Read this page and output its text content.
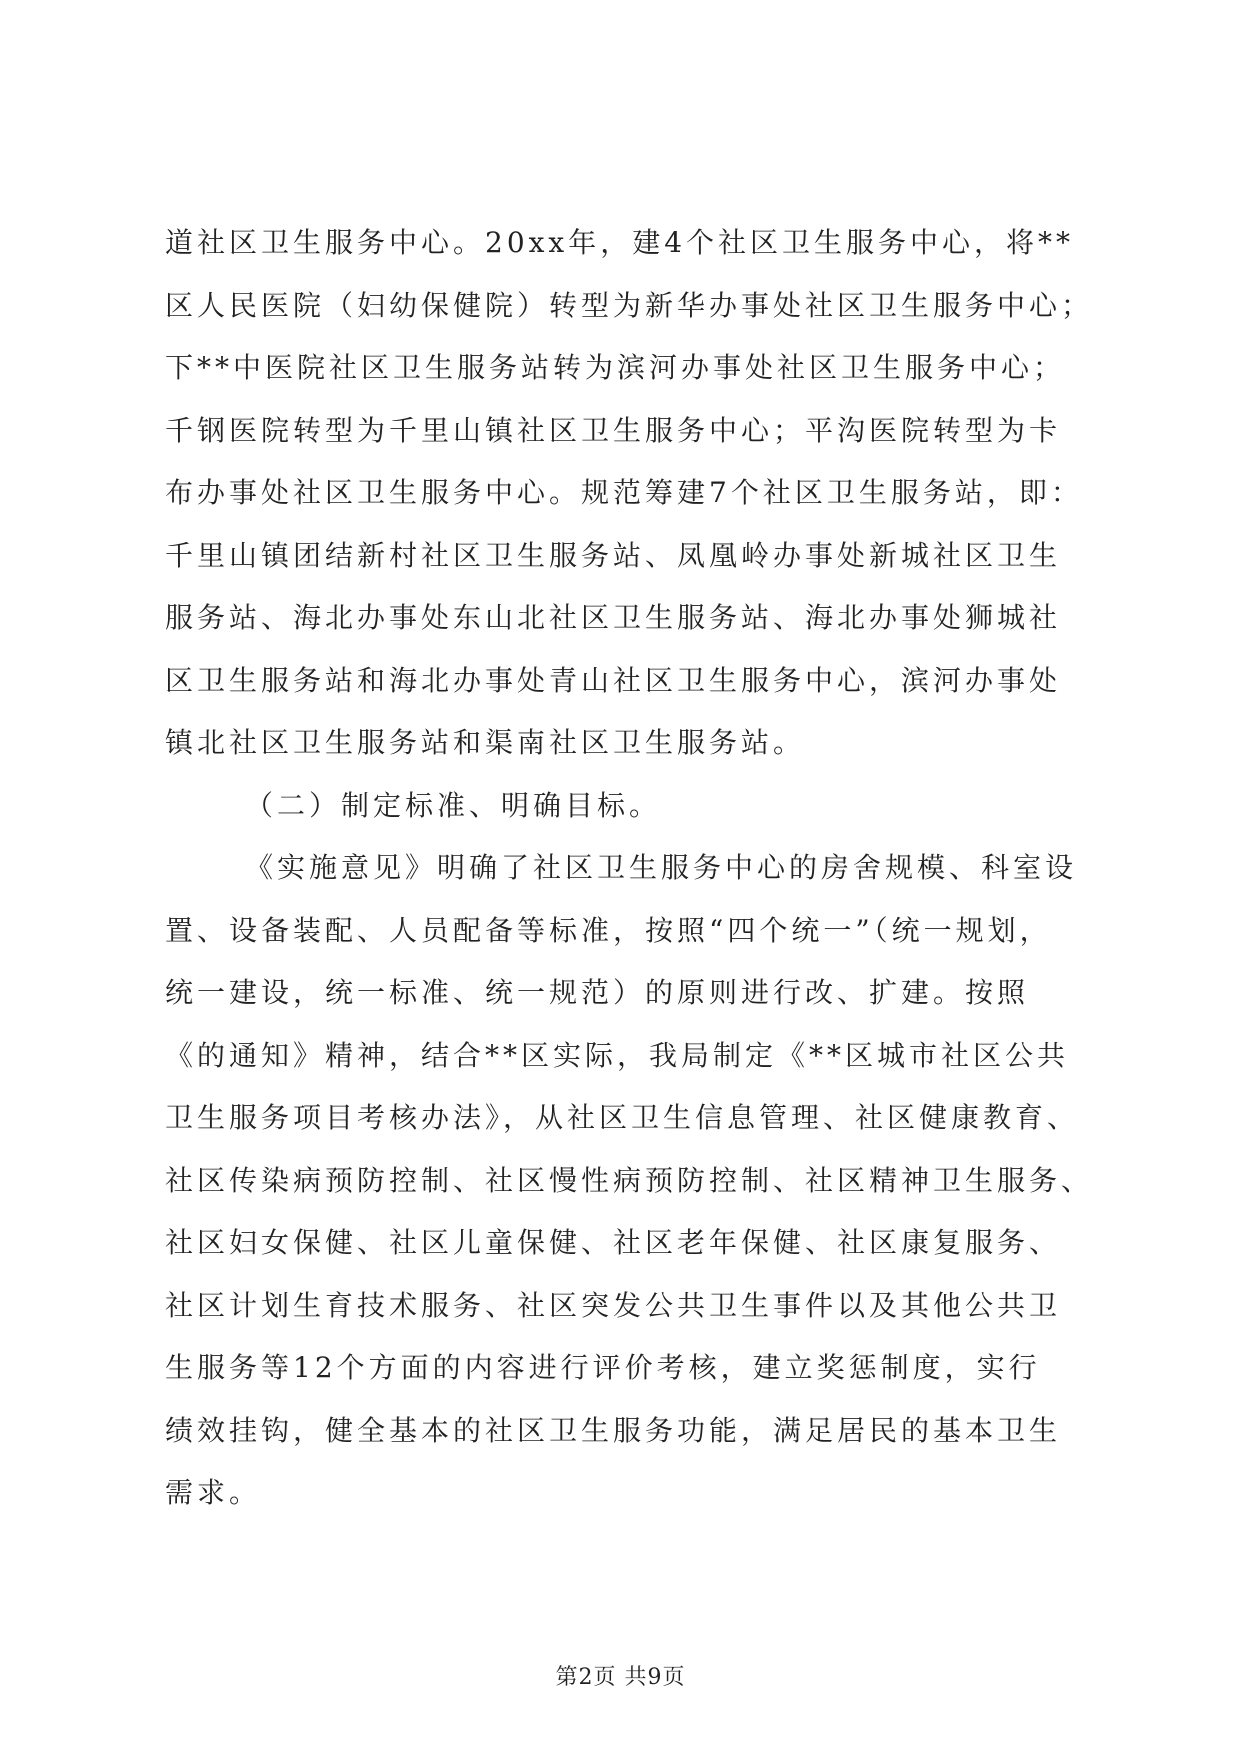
道社区卫生服务中心。20xx年，建4个社区卫生服务中心，将**
区人民医院（妇幼保健院）转型为新华办事处社区卫生服务中心；
下**中医院社区卫生服务站转为滨河办事处社区卫生服务中心；
千钢医院转型为千里山镇社区卫生服务中心；平沟医院转型为卡
布办事处社区卫生服务中心。规范筹建7个社区卫生服务站，即：
千里山镇团结新村社区卫生服务站、凤凰岭办事处新城社区卫生
服务站、海北办事处东山北社区卫生服务站、海北办事处狮城社
区卫生服务站和海北办事处青山社区卫生服务中心，滨河办事处
镇北社区卫生服务站和渠南社区卫生服务站。
（二）制定标准、明确目标。
《实施意见》明确了社区卫生服务中心的房舍规模、科室设
置、设备装配、人员配备等标准，按照“四个统一”（统一规划，
统一建设，统一标准、统一规范）的原则进行改、扩建。按照
《的通知》精神，结合**区实际，我局制定《**区城市社区公共
卫生服务项目考核办法》，从社区卫生信息管理、社区健康教育、
社区传染病预防控制、社区慢性病预防控制、社区精神卫生服务、
社区妇女保健、社区儿童保健、社区老年保健、社区康复服务、
社区计划生育技术服务、社区突发公共卫生事件以及其他公共卫
生服务等12个方面的内容进行评价考核，建立奖惩制度，实行
绩效挂钩，健全基本的社区卫生服务功能，满足居民的基本卫生
需求。
第2页 共9页
